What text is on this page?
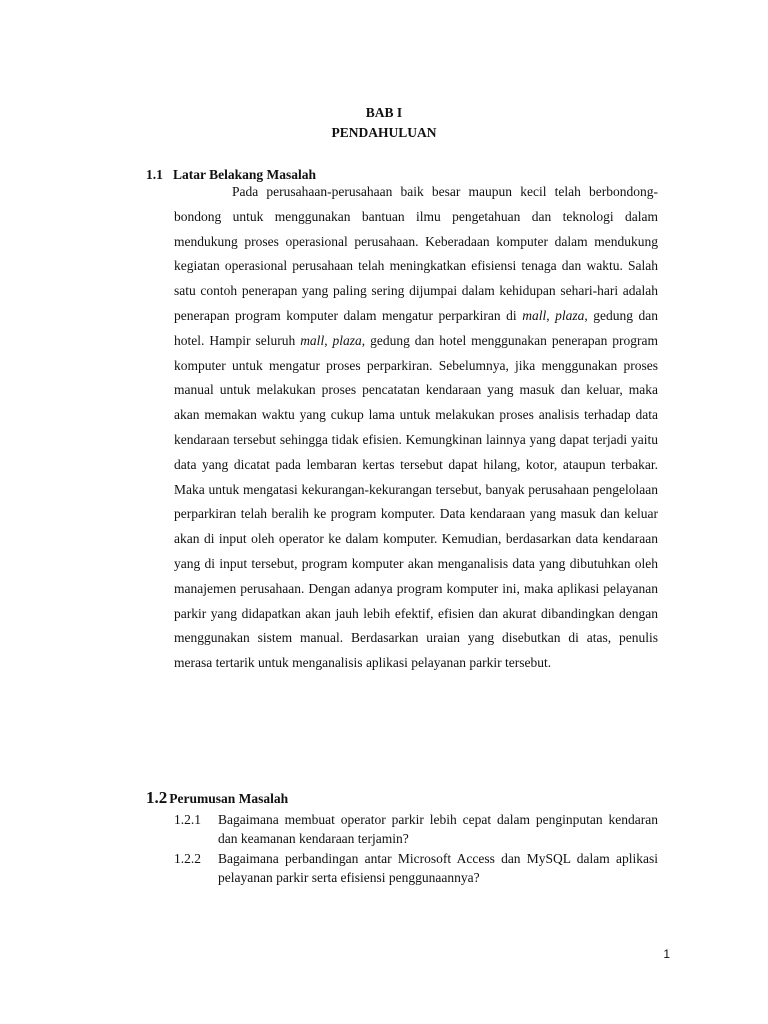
BAB I
PENDAHULUAN
1.1 Latar Belakang Masalah

Pada perusahaan-perusahaan baik besar maupun kecil telah berbondong-bondong untuk menggunakan bantuan ilmu pengetahuan dan teknologi dalam mendukung proses operasional perusahaan. Keberadaan komputer dalam mendukung kegiatan operasional perusahaan telah meningkatkan efisiensi tenaga dan waktu. Salah satu contoh penerapan yang paling sering dijumpai dalam kehidupan sehari-hari adalah penerapan program komputer dalam mengatur perparkiran di mall, plaza, gedung dan hotel. Hampir seluruh mall, plaza, gedung dan hotel menggunakan penerapan program komputer untuk mengatur proses perparkiran. Sebelumnya, jika menggunakan proses manual untuk melakukan proses pencatatan kendaraan yang masuk dan keluar, maka akan memakan waktu yang cukup lama untuk melakukan proses analisis terhadap data kendaraan tersebut sehingga tidak efisien. Kemungkinan lainnya yang dapat terjadi yaitu data yang dicatat pada lembaran kertas tersebut dapat hilang, kotor, ataupun terbakar. Maka untuk mengatasi kekurangan-kekurangan tersebut, banyak perusahaan pengelolaan perparkiran telah beralih ke program komputer. Data kendaraan yang masuk dan keluar akan di input oleh operator ke dalam komputer. Kemudian, berdasarkan data kendaraan yang di input tersebut, program komputer akan menganalisis data yang dibutuhkan oleh manajemen perusahaan. Dengan adanya program komputer ini, maka aplikasi pelayanan parkir yang didapatkan akan jauh lebih efektif, efisien dan akurat dibandingkan dengan menggunakan sistem manual. Berdasarkan uraian yang disebutkan di atas, penulis merasa tertarik untuk menganalisis aplikasi pelayanan parkir tersebut.

1.2 Perumusan Masalah
1.2.1	Bagaimana membuat operator parkir lebih cepat dalam penginputan kendaran dan keamanan kendaraan terjamin?
1.2.2	Bagaimana perbandingan antar Microsoft Access dan MySQL dalam aplikasi pelayanan parkir serta efisiensi penggunaannya?
1
